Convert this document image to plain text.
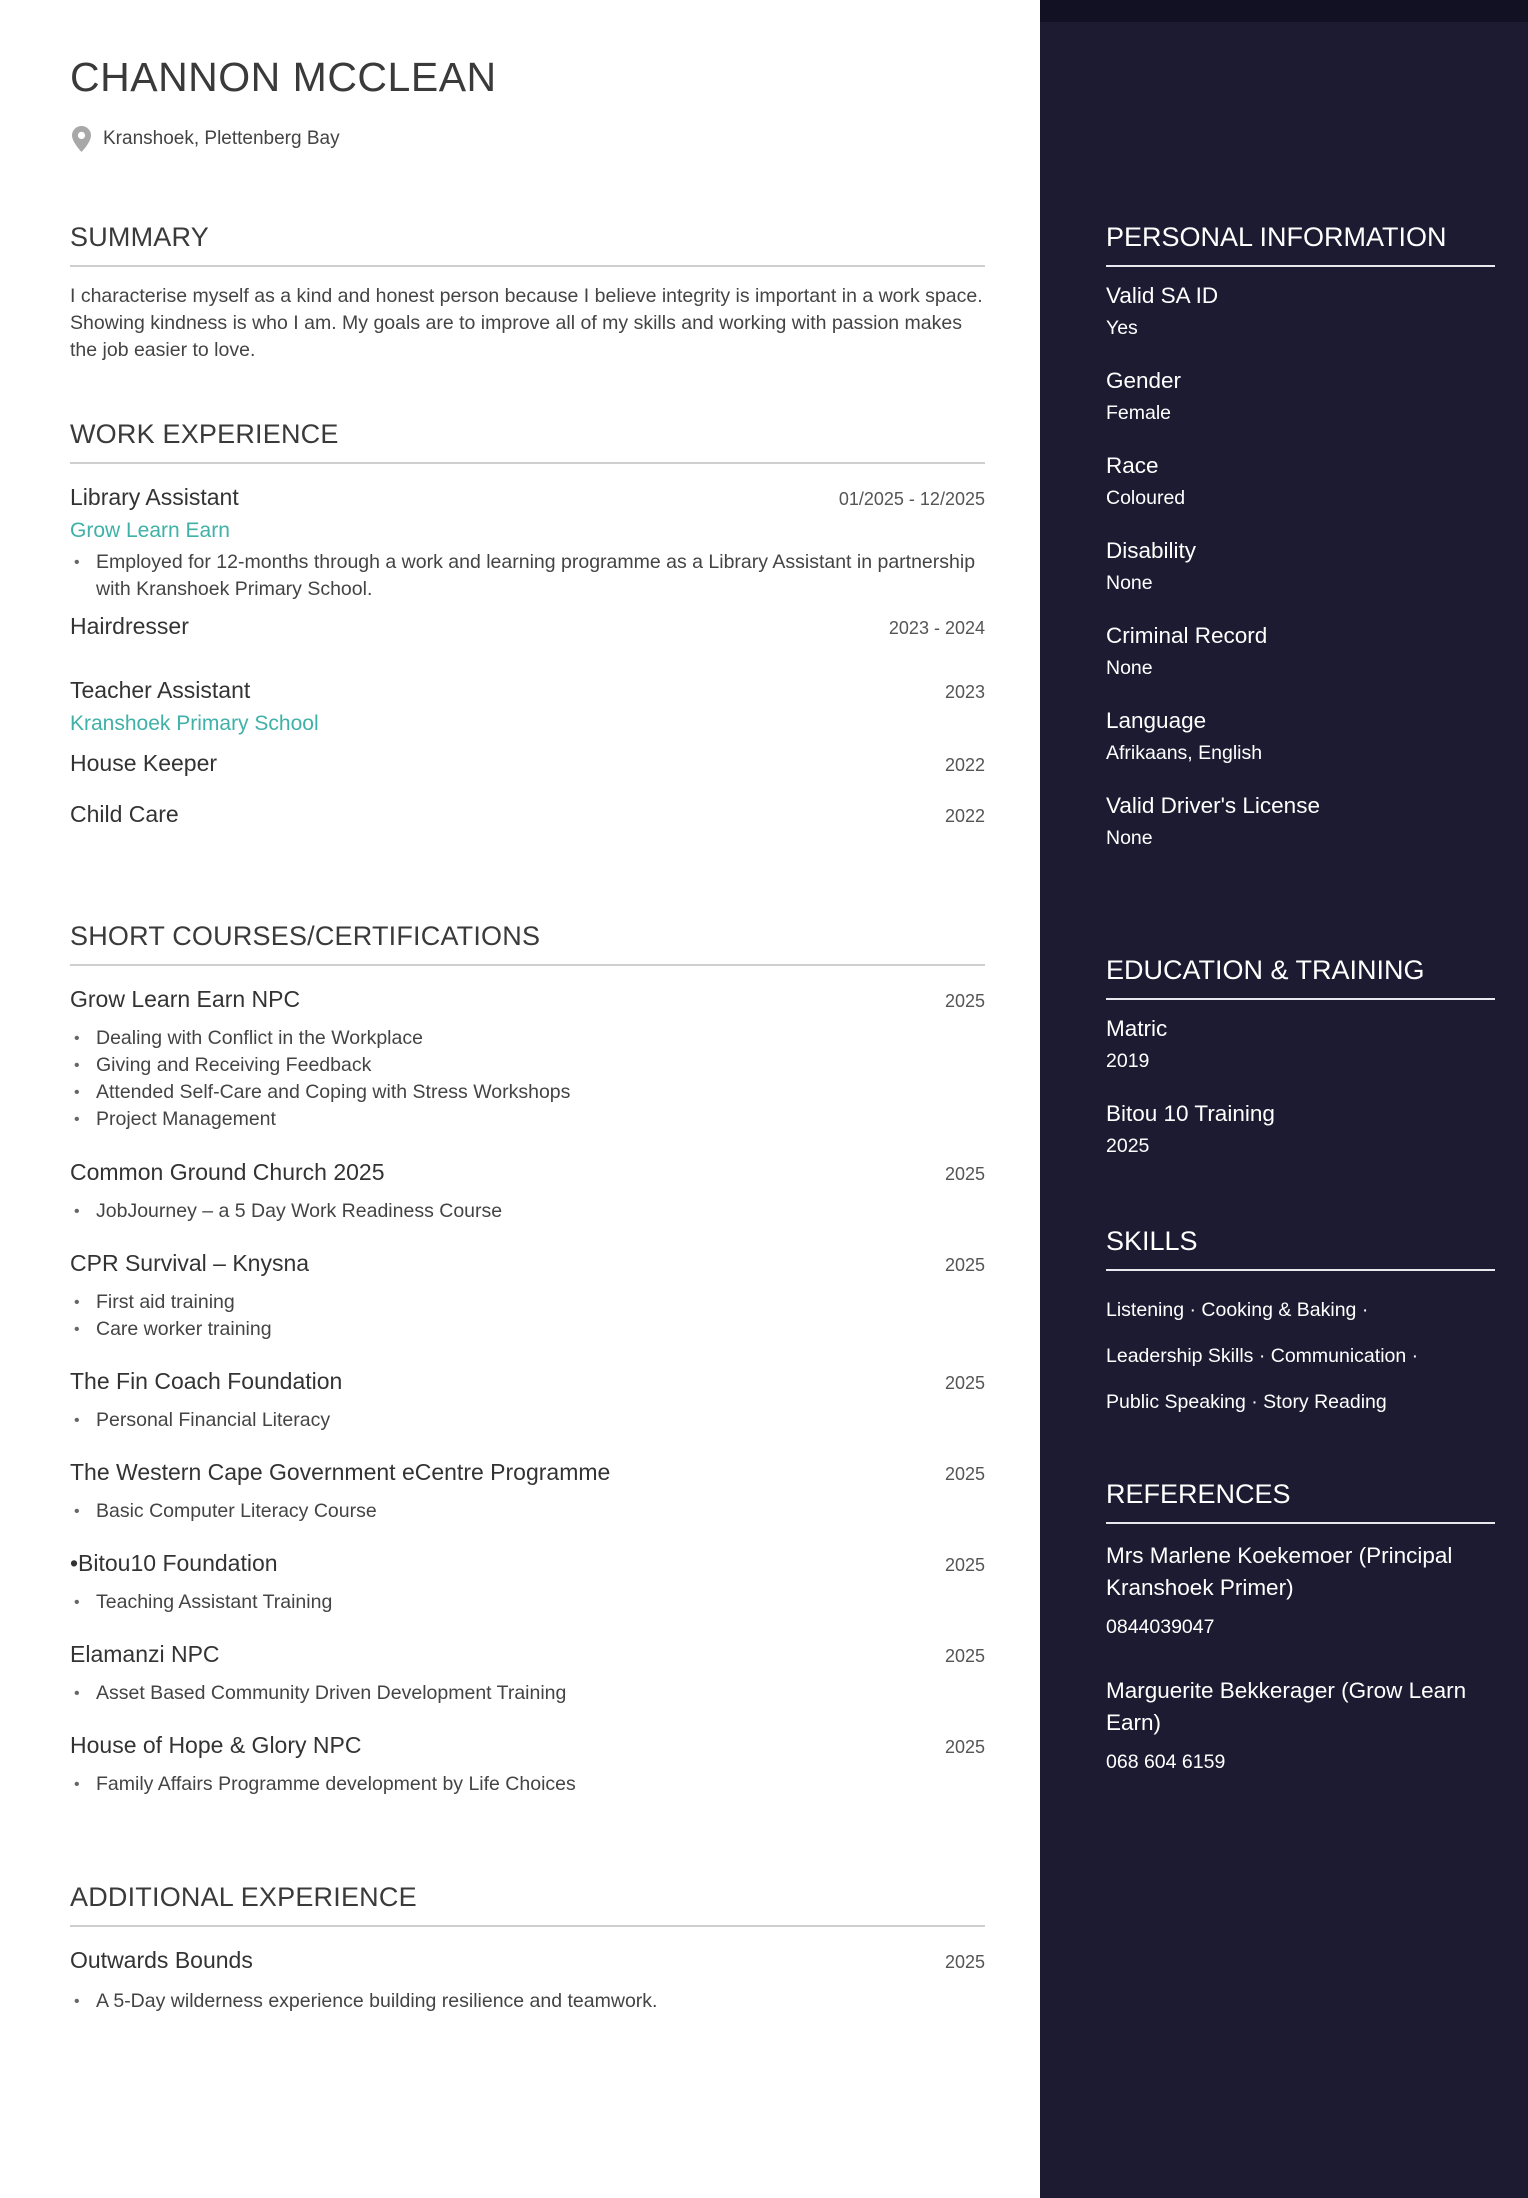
CHANNON MCCLEAN
Kranshoek, Plettenberg Bay
SUMMARY

I characterise myself as a kind and honest person because I believe integrity is important in a work space. Showing kindness is who I am. My goals are to improve all of my skills and working with passion makes the job easier to love.

WORK EXPERIENCE
Library Assistant	01/2025 - 12/2025
Grow Learn Earn
• Employed for 12-months through a work and learning programme as a Library Assistant in partnership with Kranshoek Primary School.
Hairdresser	2023 - 2024
Teacher Assistant	2023
Kranshoek Primary School
House Keeper	2022
Child Care	2022
SHORT COURSES/CERTIFICATIONS
Grow Learn Earn NPC	2025
• Dealing with Conflict in the Workplace
• Giving and Receiving Feedback
• Attended Self-Care and Coping with Stress Workshops
• Project Management
Common Ground Church 2025	2025
• JobJourney – a 5 Day Work Readiness Course
CPR Survival – Knysna	2025
• First aid training
• Care worker training
The Fin Coach Foundation	2025
• Personal Financial Literacy
The Western Cape Government eCentre Programme	2025
• Basic Computer Literacy Course
•Bitou10 Foundation	2025
• Teaching Assistant Training
Elamanzi NPC	2025
• Asset Based Community Driven Development Training
House of Hope & Glory NPC	2025
• Family Affairs Programme development by Life Choices
ADDITIONAL EXPERIENCE
Outwards Bounds	2025
• A 5-Day wilderness experience building resilience and teamwork.
PERSONAL INFORMATION
Valid SA ID
Yes
Gender
Female
Race
Coloured
Disability
None
Criminal Record
None
Language
Afrikaans, English
Valid Driver's License
None
EDUCATION & TRAINING
Matric
2019
Bitou 10 Training
2025
SKILLS
Listening · Cooking & Baking ·
Leadership Skills · Communication ·
Public Speaking · Story Reading
REFERENCES
Mrs Marlene Koekemoer (Principal Kranshoek Primer)
0844039047
Marguerite Bekkerager (Grow Learn Earn)
068 604 6159
